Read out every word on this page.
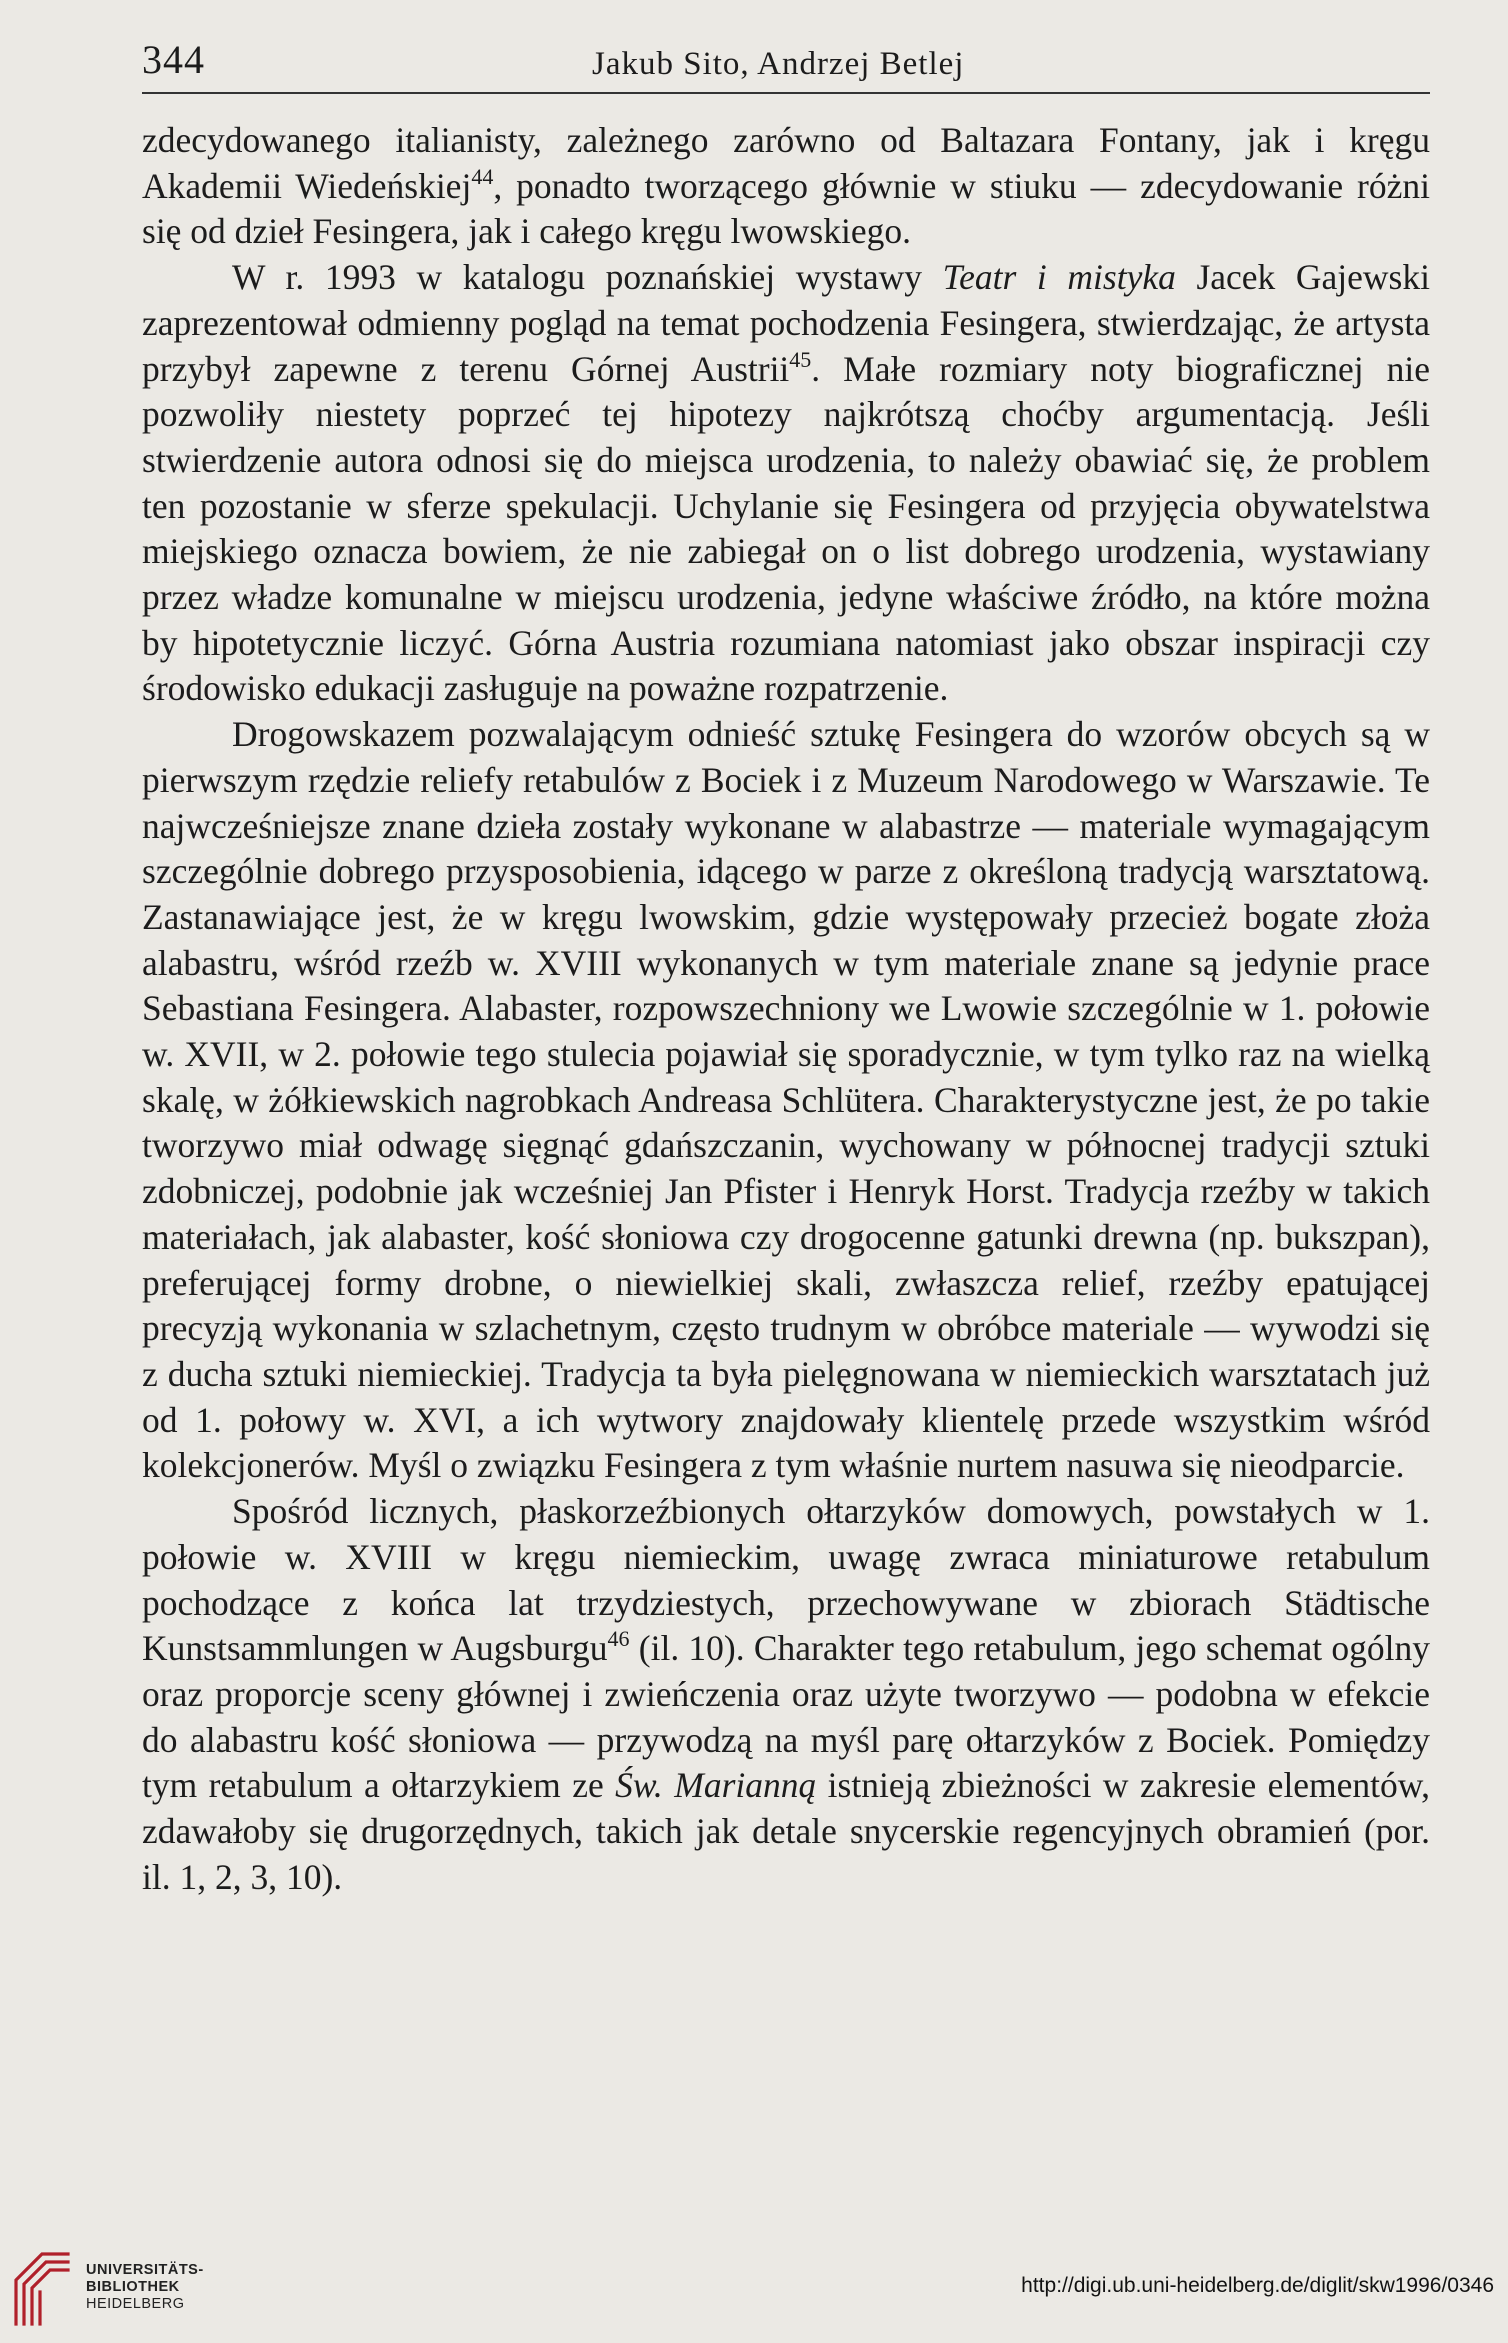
344	Jakub Sito, Andrzej Betlej

zdecydowanego italianisty, zależnego zarówno od Baltazara Fontany, jak i kręgu Akademii Wiedeńskiej$^{44}$, ponadto tworzącego głównie w stiuku — zdecydowanie różni się od dzieł Fesingera, jak i całego kręgu lwowskiego.

W r. 1993 w katalogu poznańskiej wystawy Teatr i mistyka Jacek Gajewski zaprezentował odmienny pogląd na temat pochodzenia Fesingera, stwierdzając, że artysta przybył zapewne z terenu Górnej Austrii$^{45}$. Małe rozmiary noty biograficznej nie pozwoliły niestety poprzeć tej hipotezy najkrótszą choćby argumentacją. Jeśli stwierdzenie autora odnosi się do miejsca urodzenia, to należy obawiać się, że problem ten pozostanie w sferze spekulacji. Uchylanie się Fesingera od przyjęcia obywatelstwa miejskiego oznacza bowiem, że nie zabiegał on o list dobrego urodzenia, wystawiany przez władze komunalne w miejscu urodzenia, jedyne właściwe źródło, na które można by hipotetycznie liczyć. Górna Austria rozumiana natomiast jako obszar inspiracji czy środowisko edukacji zasługuje na poważne rozpatrzenie.

Drogowskazem pozwalającym odnieść sztukę Fesingera do wzorów obcych są w pierwszym rzędzie reliefy retabulów z Bociek i z Muzeum Narodowego w Warszawie. Te najwcześniejsze znane dzieła zostały wykonane w alabastrze — materiale wymagającym szczególnie dobrego przysposobienia, idącego w parze z określoną tradycją warsztatową. Zastanawiające jest, że w kręgu lwowskim, gdzie występowały przecież bogate złoża alabastru, wśród rzeźb w. XVIII wykonanych w tym materiale znane są jedynie prace Sebastiana Fesingera. Alabaster, rozpowszechniony we Lwowie szczególnie w 1. połowie w. XVII, w 2. połowie tego stulecia pojawiał się sporadycznie, w tym tylko raz na wielką skalę, w żółkiewskich nagrobkach Andreasa Schlütera. Charakterystyczne jest, że po takie tworzywo miał odwagę sięgnąć gdańszczanin, wychowany w północnej tradycji sztuki zdobniczej, podobnie jak wcześniej Jan Pfister i Henryk Horst. Tradycja rzeźby w takich materiałach, jak alabaster, kość słoniowa czy drogocenne gatunki drewna (np. bukszpan), preferującej formy drobne, o niewielkiej skali, zwłaszcza relief, rzeźby epatującej precyzją wykonania w szlachetnym, często trudnym w obróbce materiale — wywodzi się z ducha sztuki niemieckiej. Tradycja ta była pielęgnowana w niemieckich warsztatach już od 1. połowy w. XVI, a ich wytwory znajdowały klientelę przede wszystkim wśród kolekcjonerów. Myśl o związku Fesingera z tym właśnie nurtem nasuwa się nieodparcie.

Spośród licznych, płaskorzeźbionych ołtarzyków domowych, powstałych w 1. połowie w. XVIII w kręgu niemieckim, uwagę zwraca miniaturowe retabulum pochodzące z końca lat trzydziestych, przechowywane w zbiorach Städtische Kunstsammlungen w Augsburgu$^{46}$ (il. 10). Charakter tego retabulum, jego schemat ogólny oraz proporcje sceny głównej i zwieńczenia oraz użyte tworzywo — podobna w efekcie do alabastru kość słoniowa — przywodzą na myśl parę ołtarzyków z Bociek. Pomiędzy tym retabulum a ołtarzykiem ze Św. Marianną istnieją zbieżności w zakresie elementów, zdawałoby się drugorzędnych, takich jak detale snycerskie regencyjnych obramień (por. il. 1, 2, 3, 10).

UNIVERSITÄTS-
BIBLIOTHEK
HEIDELBERG
http://digi.ub.uni-heidelberg.de/diglit/skw1996/0346
